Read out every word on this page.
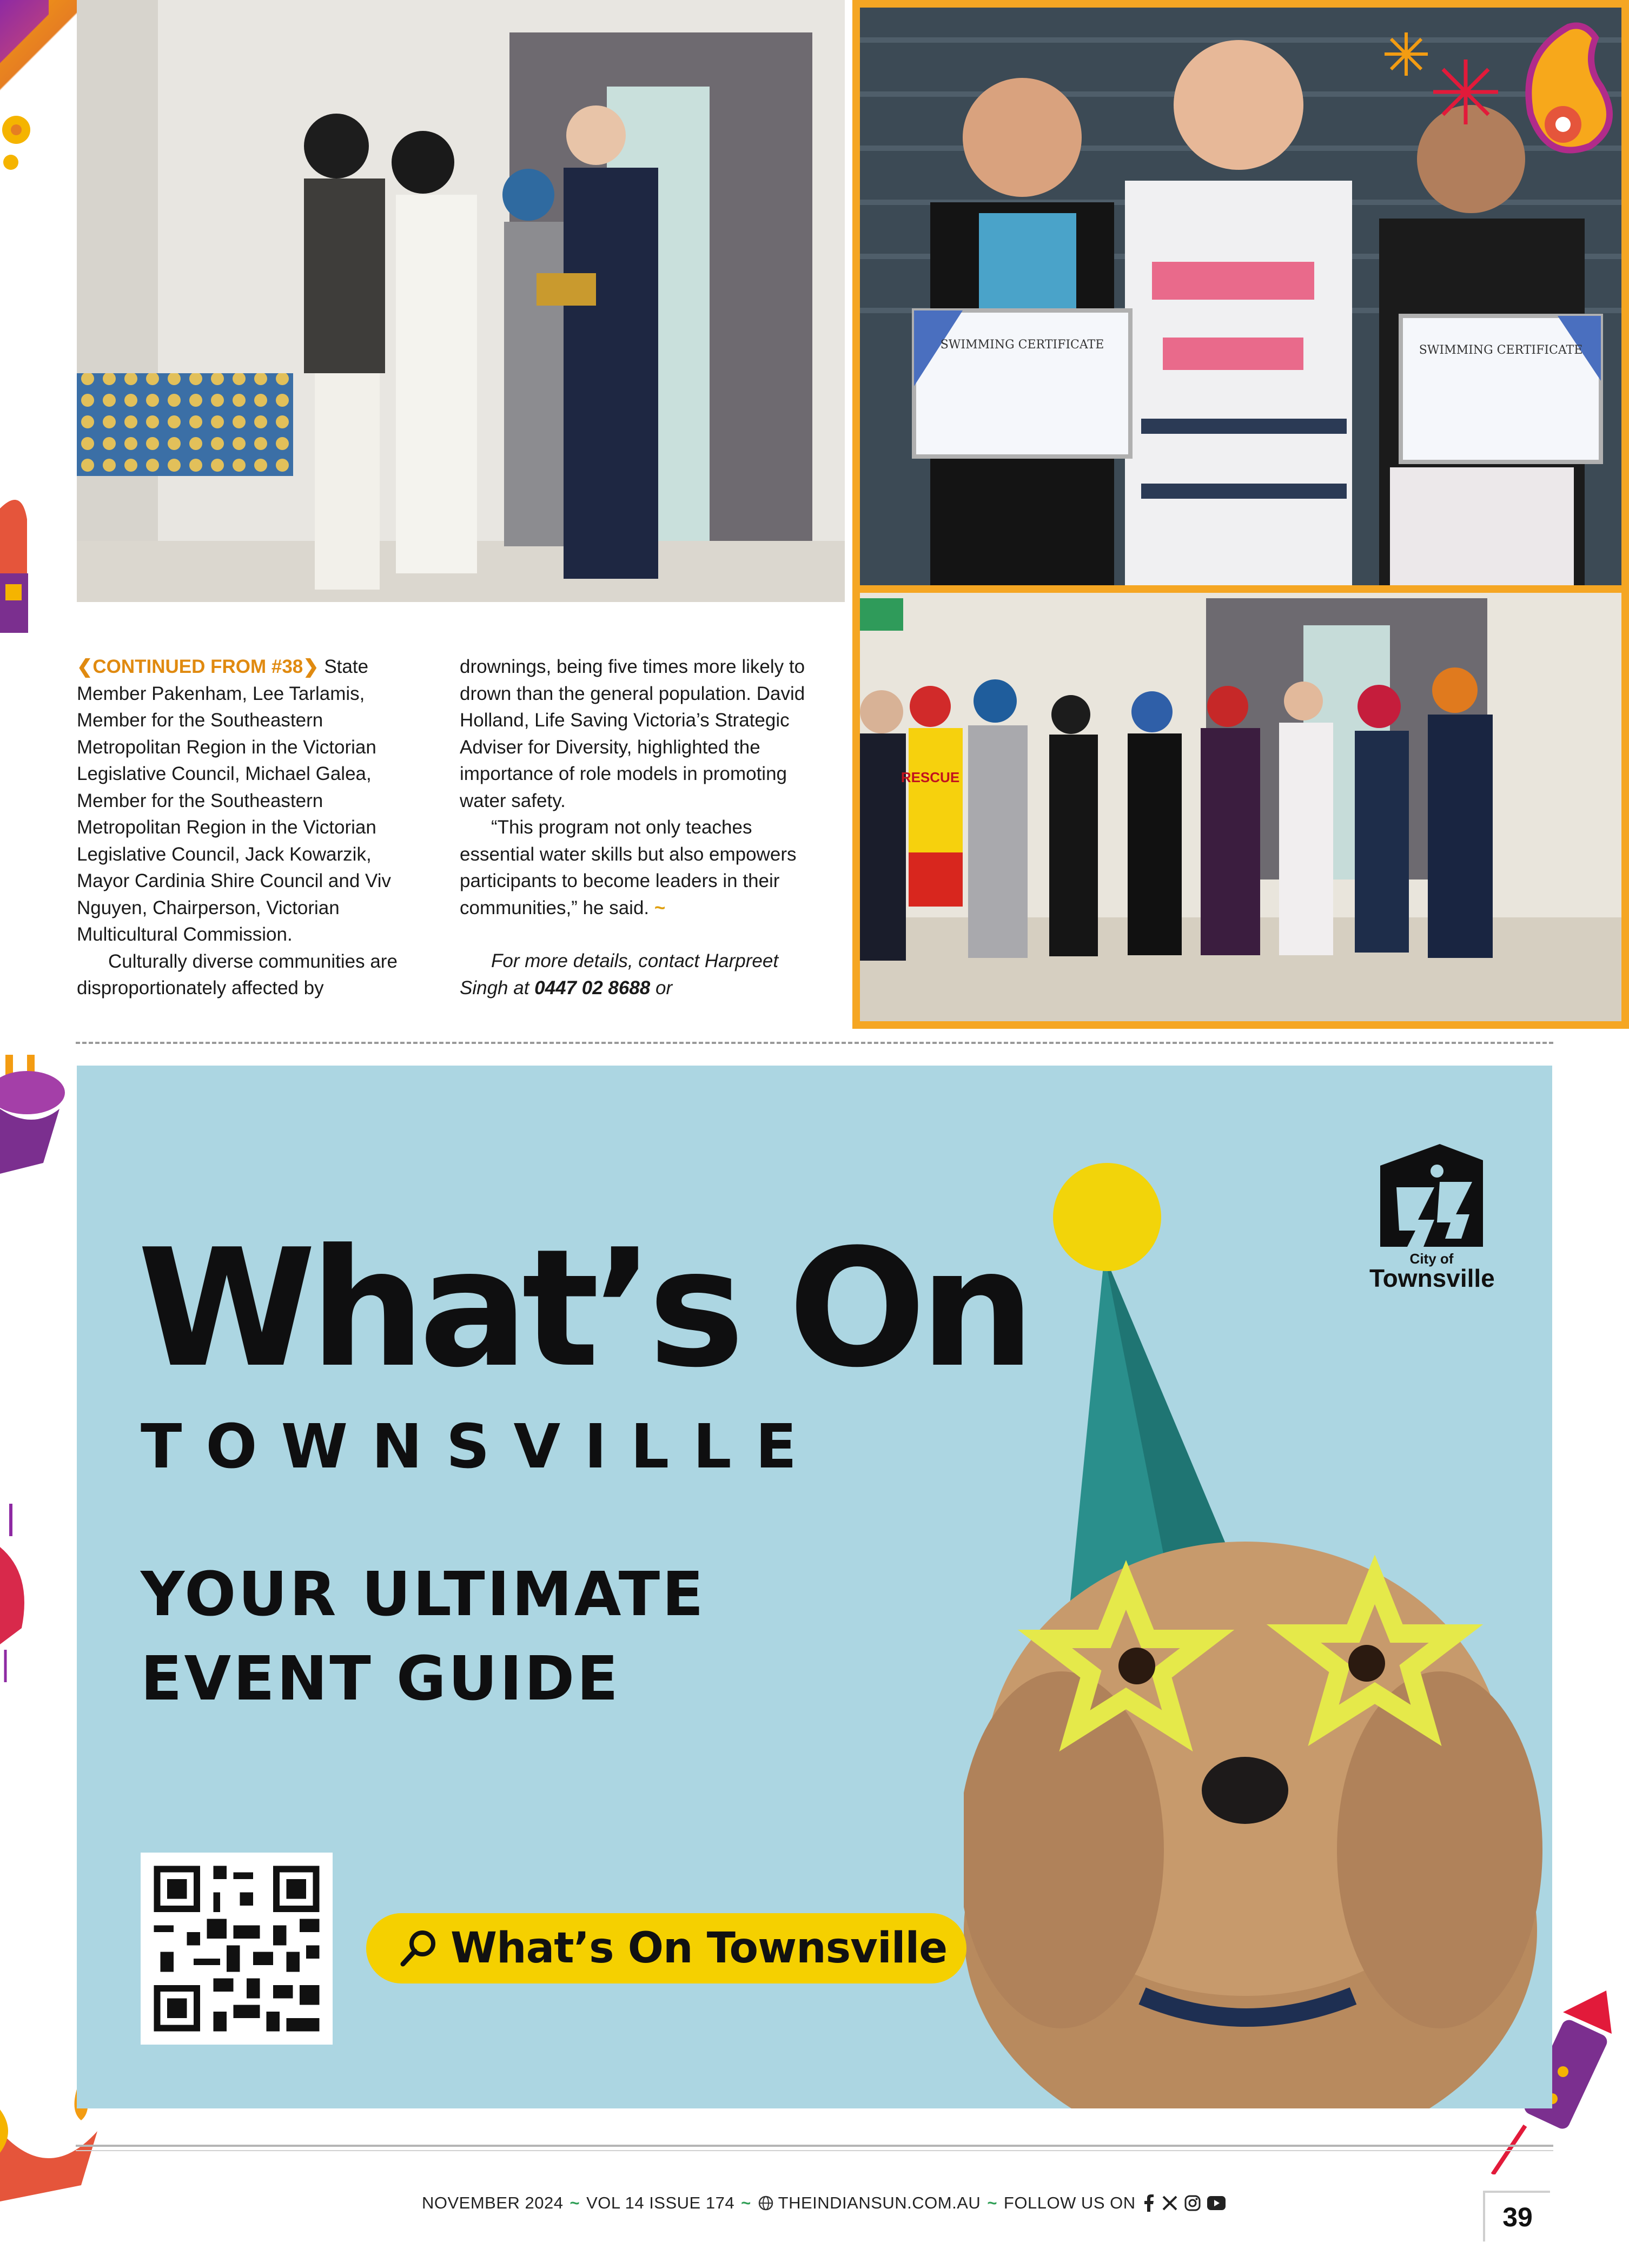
SWIMMING CERTIFICATE	SWIMMING CERTIFICATE
RESCUE

❮CONTINUED FROM #38❯ State Member Pakenham, Lee Tarlamis, Member for the Southeastern Metropolitan Region in the Victorian Legislative Council, Michael Galea, Member for the Southeastern Metropolitan Region in the Victorian Legislative Council, Jack Kowarzik, Mayor Cardinia Shire Council and Viv Nguyen, Chairperson, Victorian Multicultural Commission.

Culturally diverse communities are disproportionately affected by

drownings, being five times more likely to drown than the general population. David Holland, Life Saving Victoria’s Strategic Adviser for Diversity, highlighted the importance of role models in promoting water safety.

“This program not only teaches essential water skills but also empowers participants to become leaders in their communities,” he said. ~

For more details, contact Harpreet Singh at 0447 02 8688 or

What’s On
TOWNSVILLE
YOUR ULTIMATE
EVENT GUIDE
City of
Townsville
What’s On Townsville
NOVEMBER 2024 ~ VOL 14 ISSUE 174 ~ THEINDIANSUN.COM.AU ~ FOLLOW US ON	39
